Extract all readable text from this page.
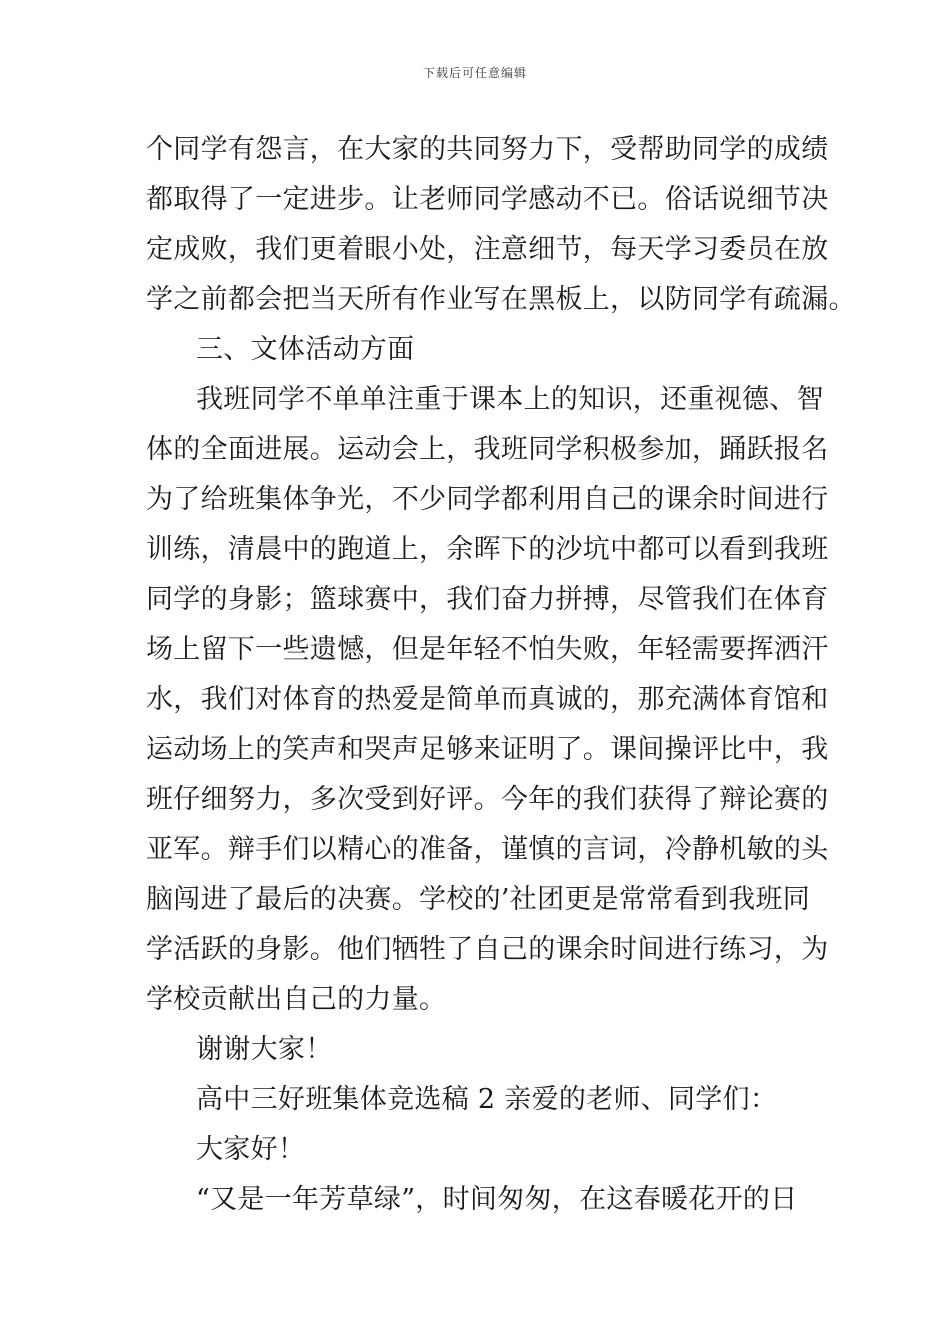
下载后可任意编辑
个同学有怨言，在大家的共同努力下，受帮助同学的成绩
都取得了一定进步。让老师同学感动不已。俗话说细节决
定成败，我们更着眼小处，注意细节，每天学习委员在放
学之前都会把当天所有作业写在黑板上，以防同学有疏漏。
三、文体活动方面
我班同学不单单注重于课本上的知识，还重视德、智
体的全面进展。运动会上，我班同学积极参加，踊跃报名
为了给班集体争光，不少同学都利用自己的课余时间进行
训练，清晨中的跑道上，余晖下的沙坑中都可以看到我班
同学的身影；篮球赛中，我们奋力拼搏，尽管我们在体育
场上留下一些遗憾，但是年轻不怕失败，年轻需要挥洒汗
水，我们对体育的热爱是简单而真诚的，那充满体育馆和
运动场上的笑声和哭声足够来证明了。课间操评比中，我
班仔细努力，多次受到好评。今年的我们获得了辩论赛的
亚军。辩手们以精心的准备，谨慎的言词，冷静机敏的头
脑闯进了最后的决赛。学校的’社团更是常常看到我班同
学活跃的身影。他们牺牲了自己的课余时间进行练习，为
学校贡献出自己的力量。
谢谢大家！
高中三好班集体竞选稿 2 亲爱的老师、同学们：
大家好！
“又是一年芳草绿”，时间匆匆，在这春暖花开的日
